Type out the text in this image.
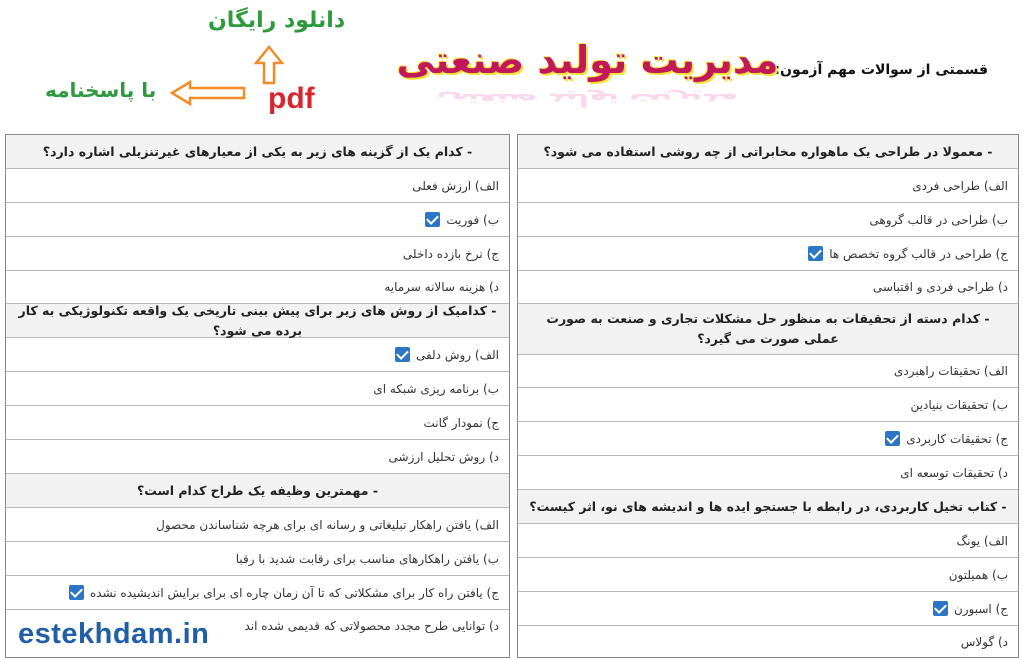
قسمتی از سوالات مهم آزمون:
مدیریت تولید صنعتی
مدیریت تولید صنعتی
دانلود رایگان
pdf
با پاسخنامه
- معمولا در طراحی یک ماهواره مخابراتی از چه روشی استفاده می شود؟
الف) طراحی فردی
ب) طراحی در قالب گروهی
ج) طراحی در قالب گروه تخصص ها
د) طراحی فردی و اقتباسی
- کدام دسته از تحقیقات به منظور حل مشکلات تجاری و صنعت به صورت عملی صورت می گیرد؟
الف) تحقیقات راهبردی
ب) تحقیقات بنیادین
ج) تحقیقات کاربردی
د) تحقیقات توسعه ای
- کتاب تخیل کاربردی، در رابطه با جستجو ایده ها و اندیشه های نو، اثر کیست؟
الف) یونگ
ب) همیلتون
ج) اسبورن
د) گولاس
- کدام یک از گزینه های زیر به یکی از معیارهای غیرتنزیلی اشاره دارد؟
الف) ارزش فعلی
ب) فوریت
ج) نرخ بازده داخلی
د) هزینه سالانه سرمایه
- کدامیک از روش های زیر برای پیش بینی تاریخی یک واقعه تکنولوژیکی به کار برده می شود؟
الف) روش دلفی
ب) برنامه ریزی شبکه ای
ج) نمودار گانت
د) روش تحلیل ارزشی
- مهمترین وظیفه یک طراح کدام است؟
الف) یافتن راهکار تبلیغاتی و رسانه ای برای هرچه شناساندن محصول
ب) یافتن راهکارهای مناسب برای رقابت شدید با رقبا
ج) یافتن راه کار برای مشکلاتی که تا آن زمان چاره ای برای برایش اندیشیده نشده
د) توانایی طرح مجدد محصولاتی که قدیمی شده اند
estekhdam.in
